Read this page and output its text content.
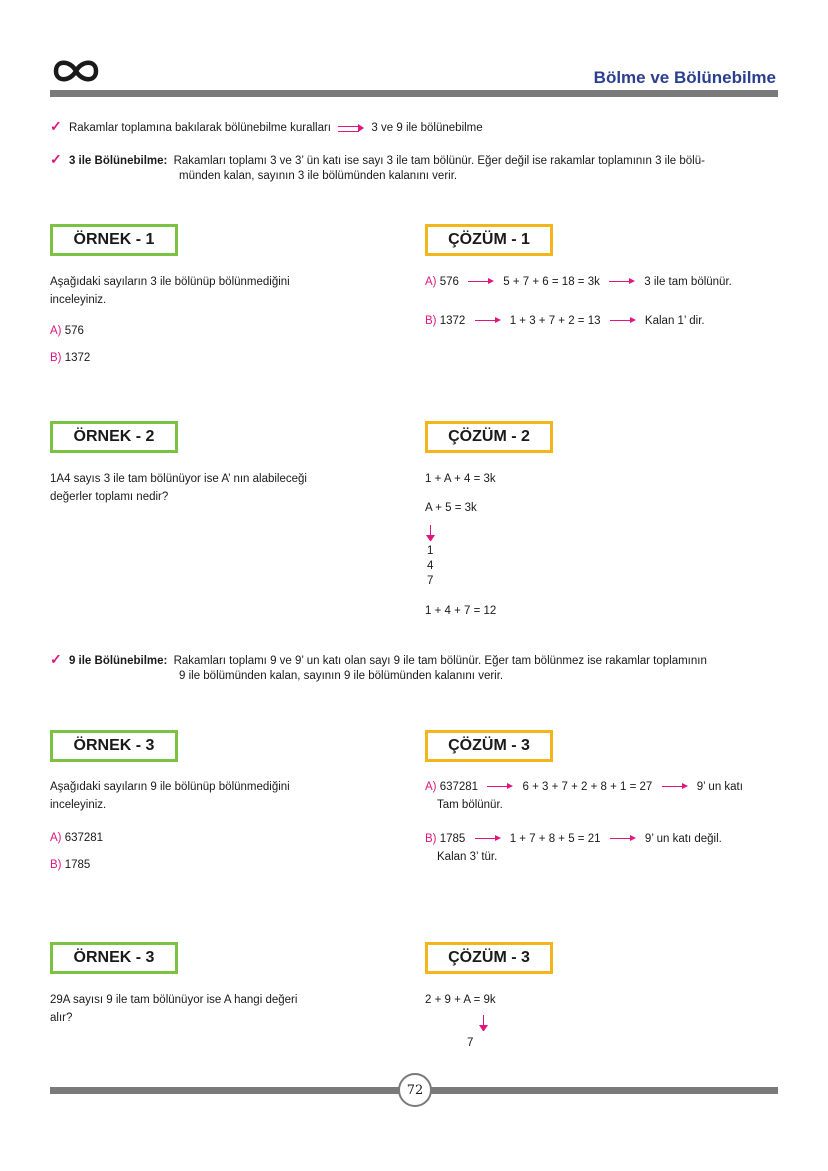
Bölme ve Bölünebilme
✓ Rakamlar toplamına bakılarak bölünebilme kuralları	3 ve 9 ile bölünebilme
✓ 3 ile Bölünebilme: Rakamları toplamı 3 ve 3’ ün katı ise sayı 3 ile tam bölünür. Eğer değil ise rakamlar toplamının 3 ile bölü-
münden kalan, sayının 3 ile bölümünden kalanını verir.
ÖRNEK - 1
Aşağıdaki sayıların 3 ile bölünüp bölünmediğini
inceleyiniz.
A) 576
B) 1372
ÇÖZÜM - 1
A) 576	5 + 7 + 6 = 18 = 3k	3 ile tam bölünür.
B) 1372	1 + 3 + 7 + 2 = 13	Kalan 1’ dir.
ÖRNEK - 2
1A4 sayıs 3 ile tam bölünüyor ise A’ nın alabileceği
değerler toplamı nedir?
ÇÖZÜM - 2
1 + A + 4 = 3k
A + 5 = 3k

1
4
7
1 + 4 + 7 = 12
✓ 9 ile Bölünebilme: Rakamları toplamı 9 ve 9’ un katı olan sayı 9 ile tam bölünür. Eğer tam bölünmez ise rakamlar toplamının
9 ile bölümünden kalan, sayının 9 ile bölümünden kalanını verir.
ÖRNEK - 3
Aşağıdaki sayıların 9 ile bölünüp bölünmediğini
inceleyiniz.
A) 637281
B) 1785
ÇÖZÜM - 3
A) 637281	6 + 3 + 7 + 2 + 8 + 1 = 27	9’ un katı
Tam bölünür.
B) 1785	1 + 7 + 8 + 5 = 21	9’ un katı değil.
Kalan 3’ tür.
ÖRNEK - 3
29A sayısı 9 ile tam bölünüyor ise A hangi değeri
alır?
ÇÖZÜM - 3
2 + 9 + A = 9k
7
72
